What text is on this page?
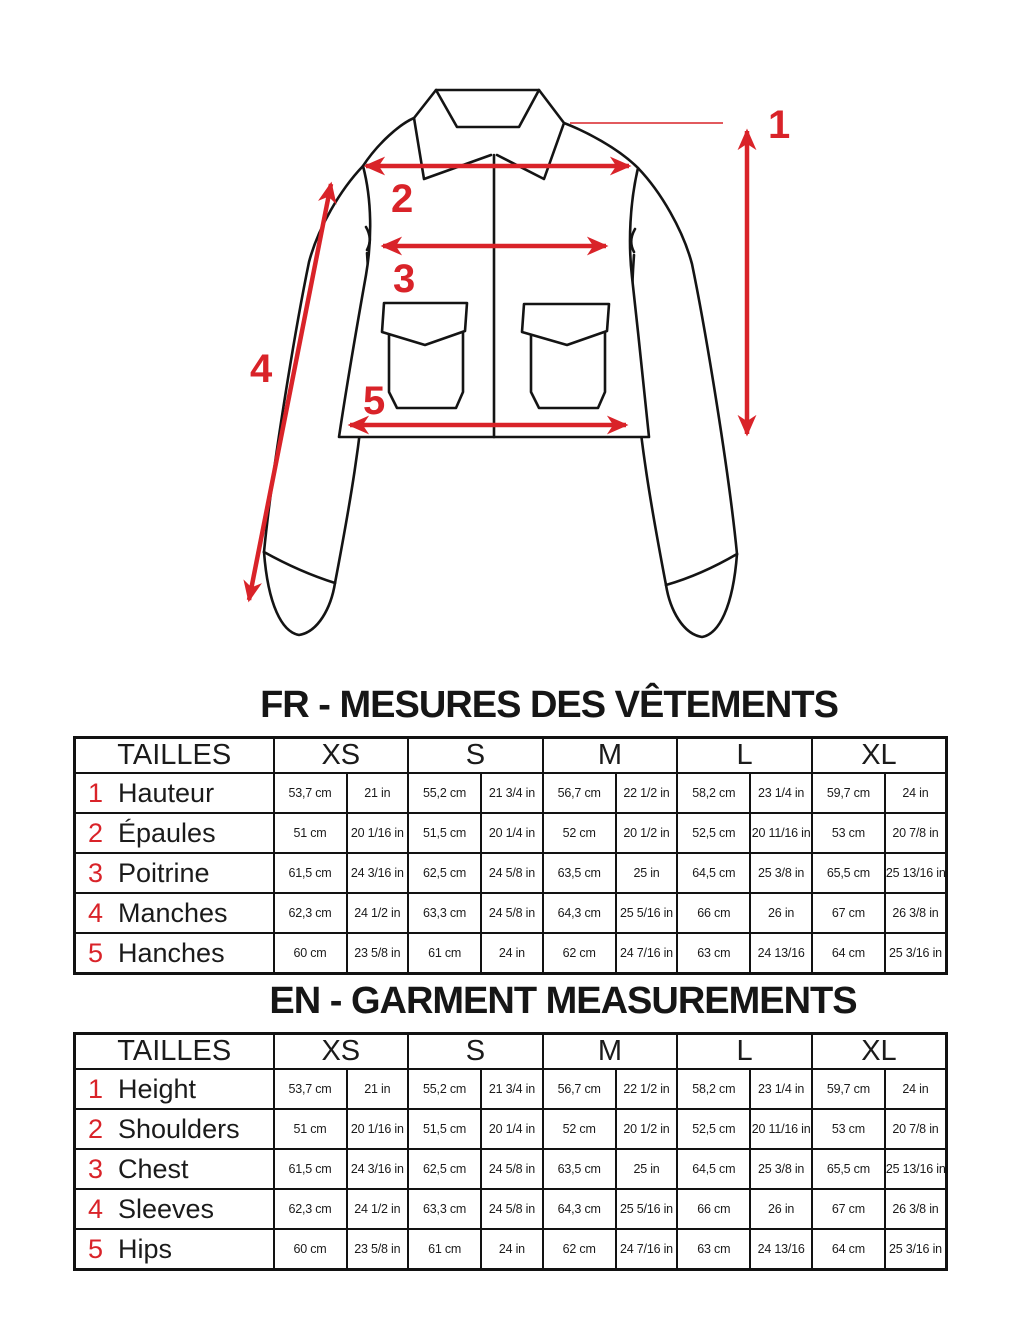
1
2
3
4
5
FR - MESURES DES VÊTEMENTS
TAILLES	XS		S		M		L		XL	
1 Hauteur	53,7 cm	21 in	55,2 cm	21 3/4 in	56,7 cm	22 1/2 in	58,2 cm	23 1/4 in	59,7 cm	24 in
2 Épaules	51 cm	20 1/16 in	51,5 cm	20 1/4 in	52 cm	20 1/2 in	52,5 cm	20 11/16 in	53 cm	20 7/8 in
3 Poitrine	61,5 cm	24 3/16 in	62,5 cm	24 5/8 in	63,5 cm	25 in	64,5 cm	25 3/8 in	65,5 cm	25 13/16 in
4 Manches	62,3 cm	24 1/2 in	63,3 cm	24 5/8 in	64,3 cm	25 5/16 in	66 cm	26 in	67 cm	26 3/8 in
5 Hanches	60 cm	23 5/8 in	61 cm	24 in	62 cm	24 7/16 in	63 cm	24 13/16	64 cm	25 3/16 in
EN - GARMENT MEASUREMENTS
TAILLES	XS		S		M		L		XL	
1 Height	53,7 cm	21 in	55,2 cm	21 3/4 in	56,7 cm	22 1/2 in	58,2 cm	23 1/4 in	59,7 cm	24 in
2 Shoulders	51 cm	20 1/16 in	51,5 cm	20 1/4 in	52 cm	20 1/2 in	52,5 cm	20 11/16 in	53 cm	20 7/8 in
3 Chest	61,5 cm	24 3/16 in	62,5 cm	24 5/8 in	63,5 cm	25 in	64,5 cm	25 3/8 in	65,5 cm	25 13/16 in
4 Sleeves	62,3 cm	24 1/2 in	63,3 cm	24 5/8 in	64,3 cm	25 5/16 in	66 cm	26 in	67 cm	26 3/8 in
5 Hips	60 cm	23 5/8 in	61 cm	24 in	62 cm	24 7/16 in	63 cm	24 13/16	64 cm	25 3/16 in
